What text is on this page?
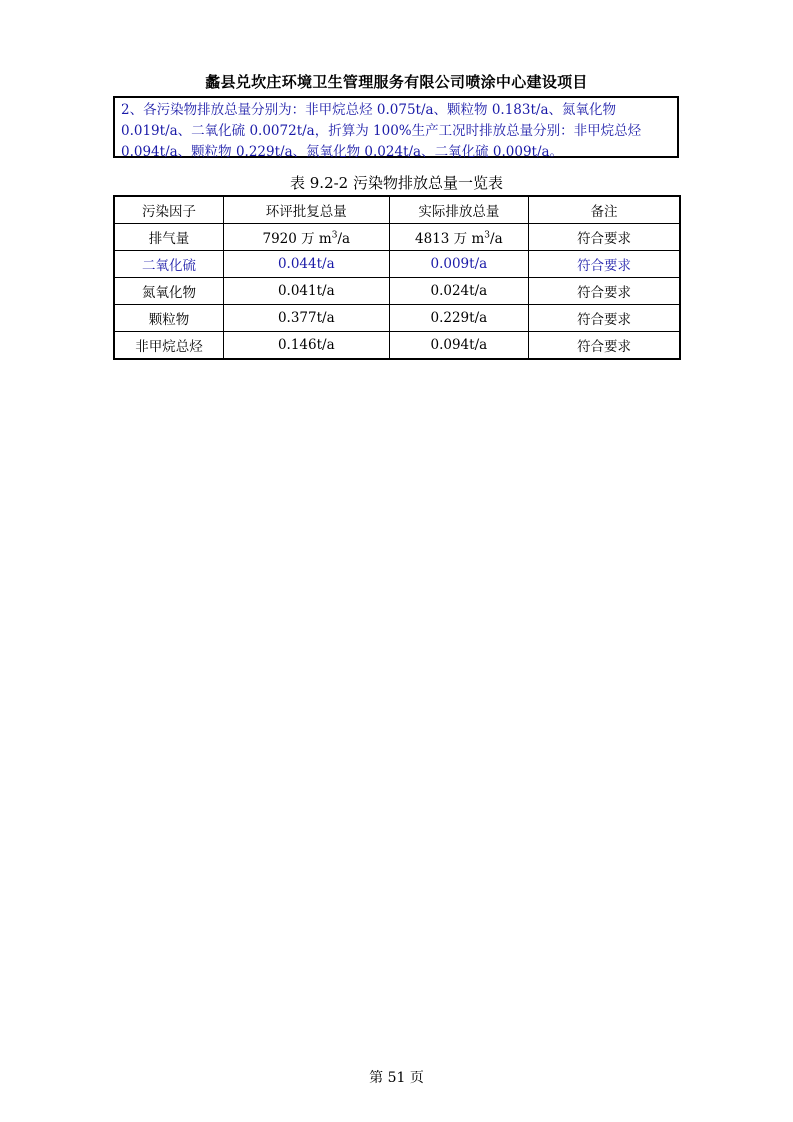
蠡县兑坎庄环境卫生管理服务有限公司喷涂中心建设项目
2、各污染物排放总量分别为：非甲烷总烃 0.075t/a、颗粒物 0.183t/a、氮氧化物 0.019t/a、二氧化硫 0.0072t/a，折算为 100%生产工况时排放总量分别：非甲烷总烃 0.094t/a、颗粒物 0.229t/a、氮氧化物 0.024t/a、二氧化硫 0.009t/a。
表 9.2-2 污染物排放总量一览表
污染因子	环评批复总量	实际排放总量	备注
排气量	7920 万 $m^3/a$	4813 万 $m^3/a$	符合要求
二氧化硫	0.044t/a	0.009t/a	符合要求
氮氧化物	0.041t/a	0.024t/a	符合要求
颗粒物	0.377t/a	0.229t/a	符合要求
非甲烷总烃	0.146t/a	0.094t/a	符合要求
第 51 页
